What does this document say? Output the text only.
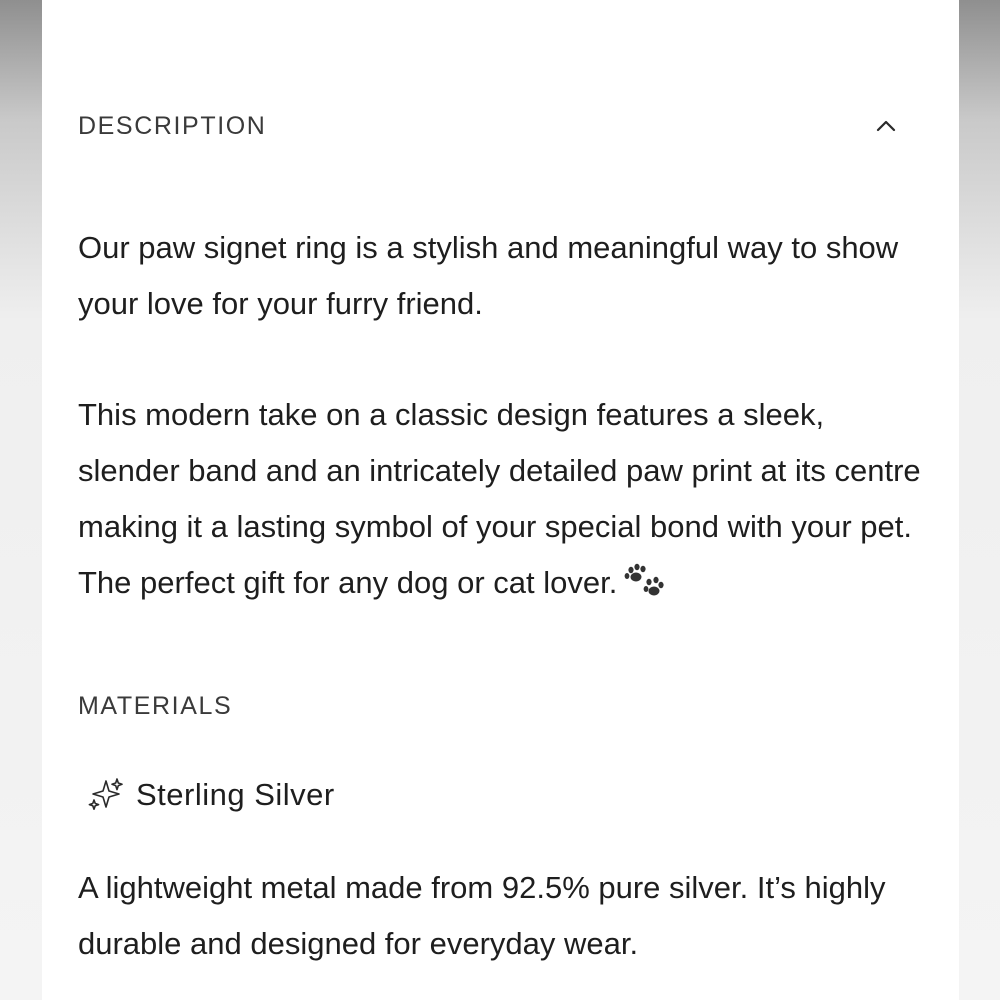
DESCRIPTION

Our paw signet ring is a stylish and meaningful way to show your love for your furry friend.

This modern take on a classic design features a sleek, slender band and an intricately detailed paw print at its centre making it a lasting symbol of your special bond with your pet. The perfect gift for any dog or cat lover.

MATERIALS
Sterling Silver

A lightweight metal made from 92.5% pure silver. It’s highly durable and designed for everyday wear.
